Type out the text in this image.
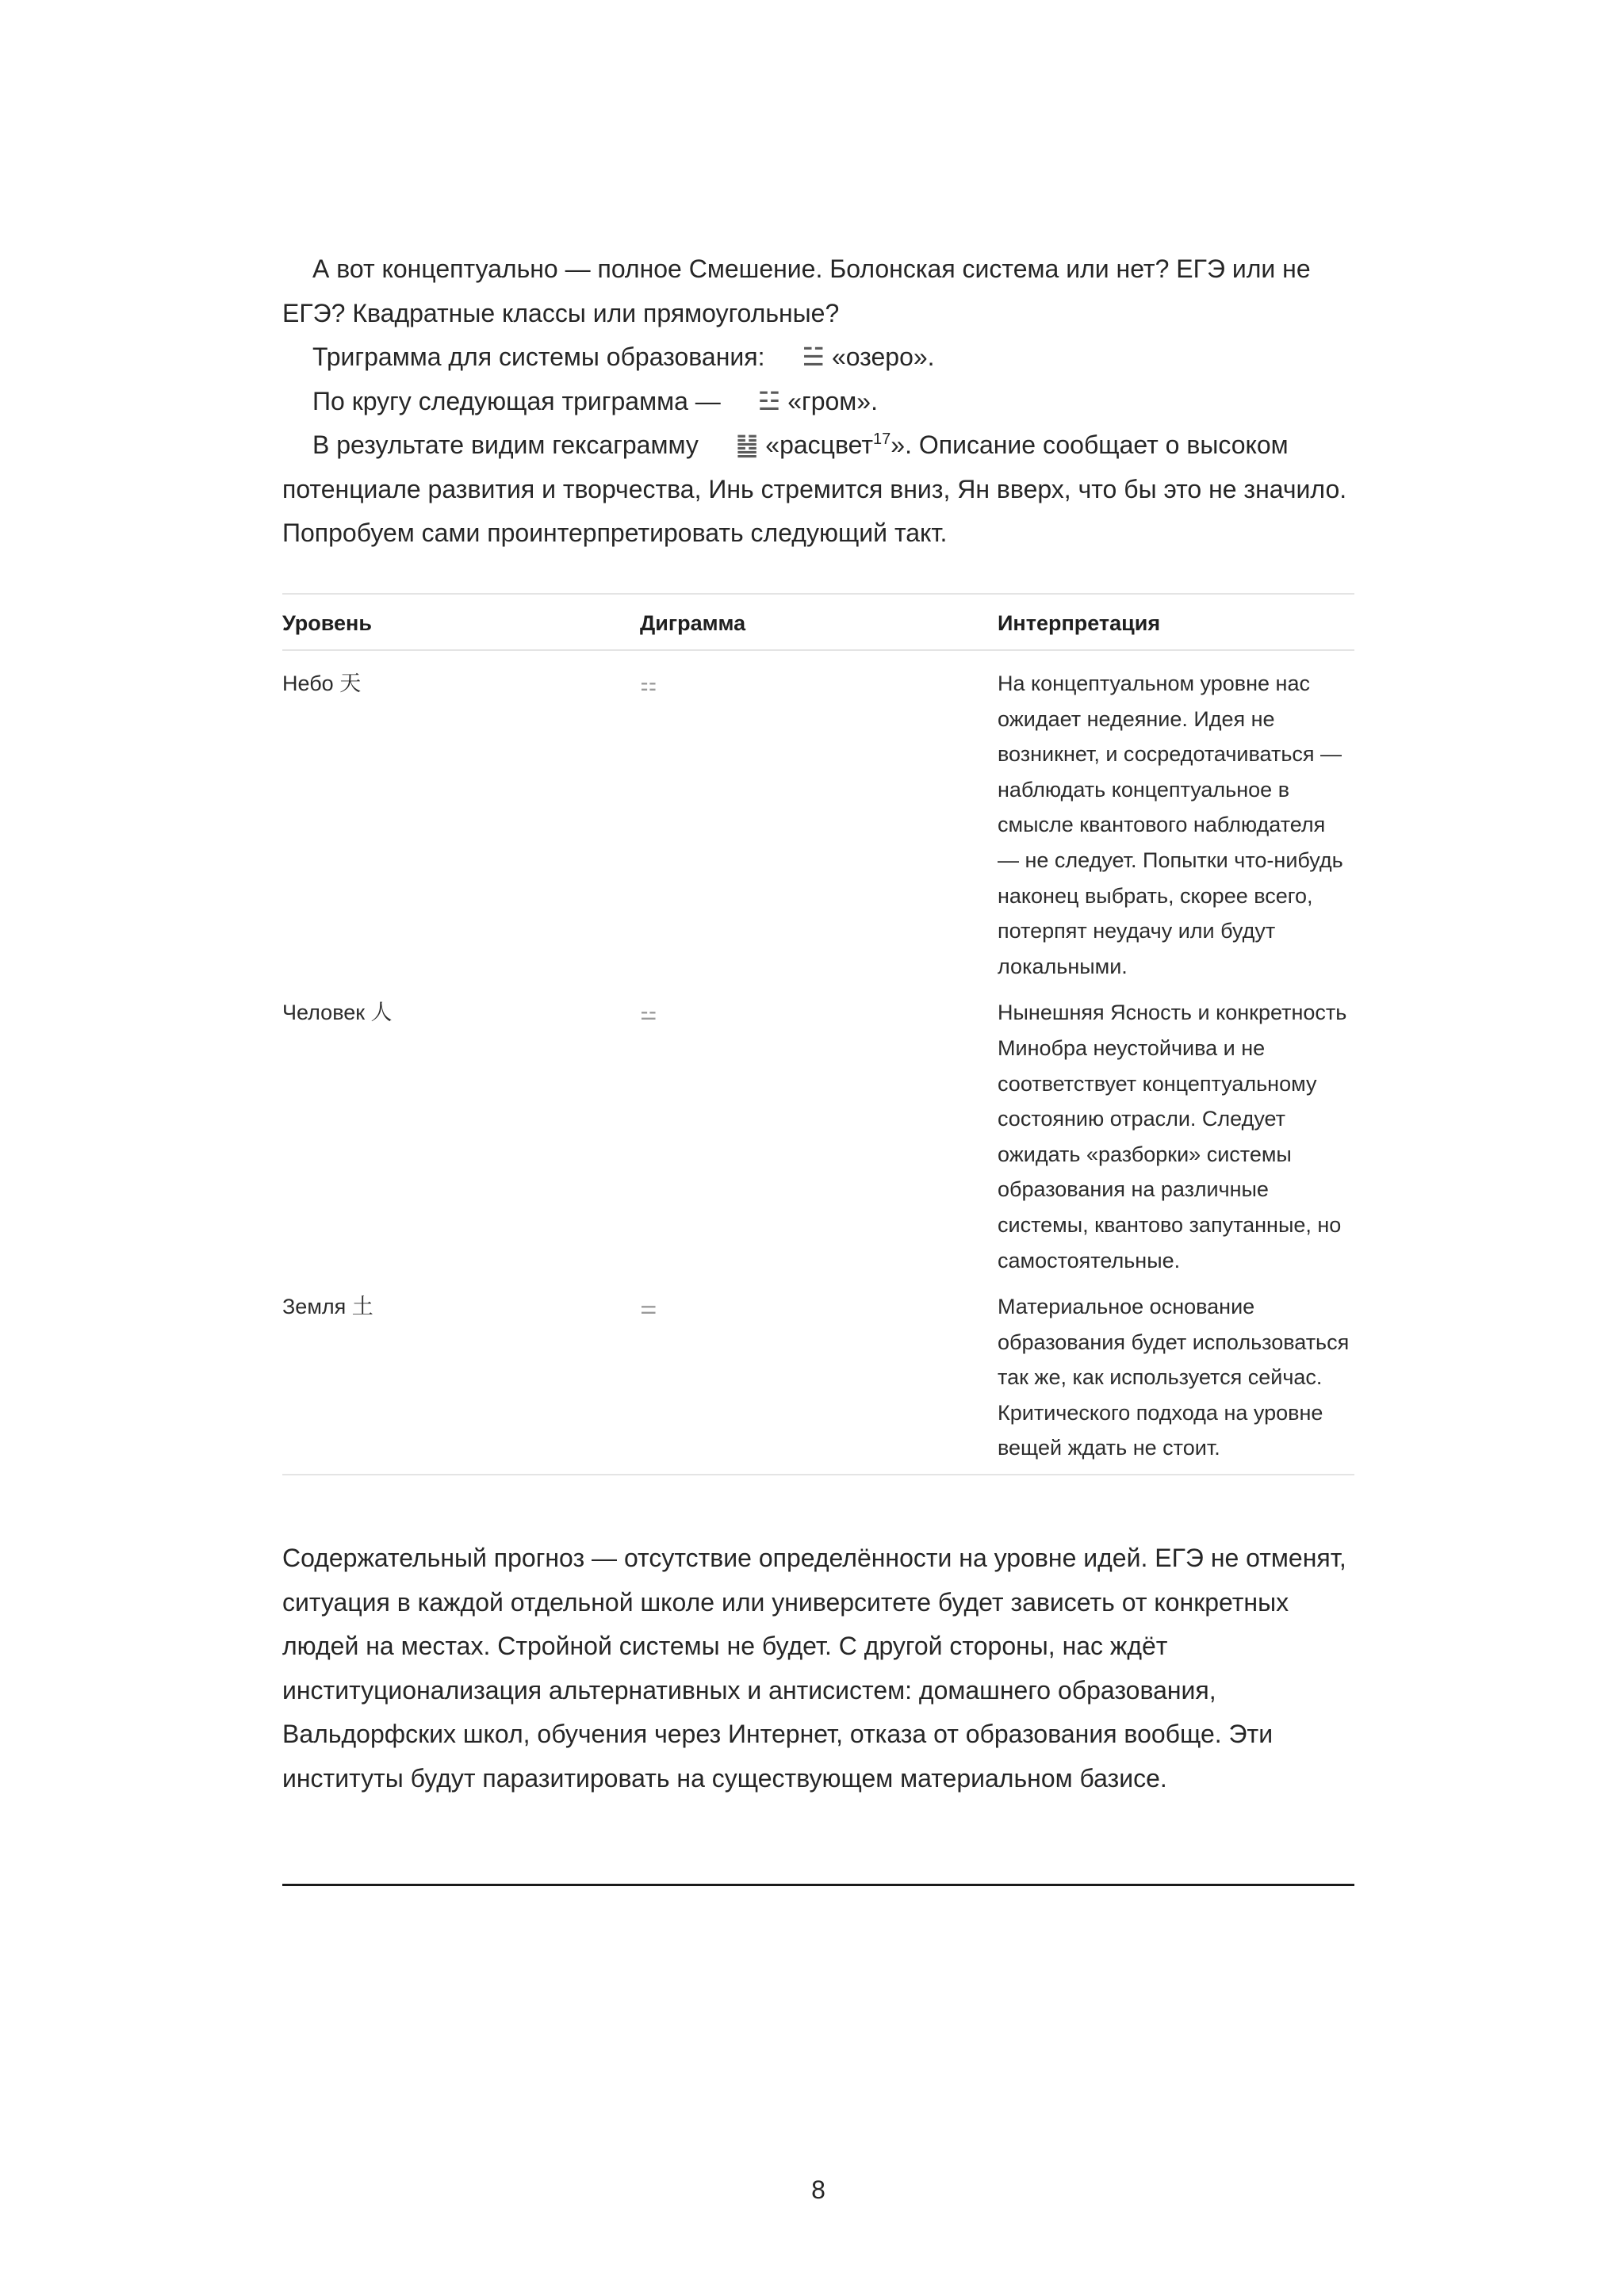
А вот концептуально — полное Смешение. Болонская система или нет? ЕГЭ или не ЕГЭ? Квадратные классы или прямоугольные?

Триграмма для системы образования: ☱ «озеро».

По кругу следующая триграмма — ☳ «гром».

В результате видим гексаграмму ䷵ «расцвет$^{17}$». Описание сообщает о высоком потенциале развития и творчества, Инь стремится вниз, Ян вверх, что бы это не значило. Попробуем сами проинтерпретировать следующий такт.

Уровень	Диграмма	Интерпретация
Небо 天	⚏	На концептуальном уровне нас ожидает недеяние. Идея не возникнет, и сосредотачиваться — наблюдать концептуальное в смысле квантового наблюдателя — не следует. Попытки что-нибудь наконец выбрать, скорее всего, потерпят неудачу или будут локальными.
Человек 人	⚍	Нынешняя Ясность и конкретность Минобра неустойчива и не соответствует концептуальному состоянию отрасли. Следует ожидать «разборки» системы образования на различные системы, квантово запутанные, но самостоятельные.
Земля 土	⚌	Материальное основание образования будет использоваться так же, как используется сейчас. Критического подхода на уровне вещей ждать не стоит.

Содержательный прогноз — отсутствие определённости на уровне идей. ЕГЭ не отменят, ситуация в каждой отдельной школе или университете будет зависеть от конкретных людей на местах. Стройной системы не будет. С другой стороны, нас ждёт институционализация альтернативных и антисистем: домашнего образования, Вальдорфских школ, обучения через Интернет, отказа от образования вообще. Эти институты будут паразитировать на существующем материальном базисе.

8
